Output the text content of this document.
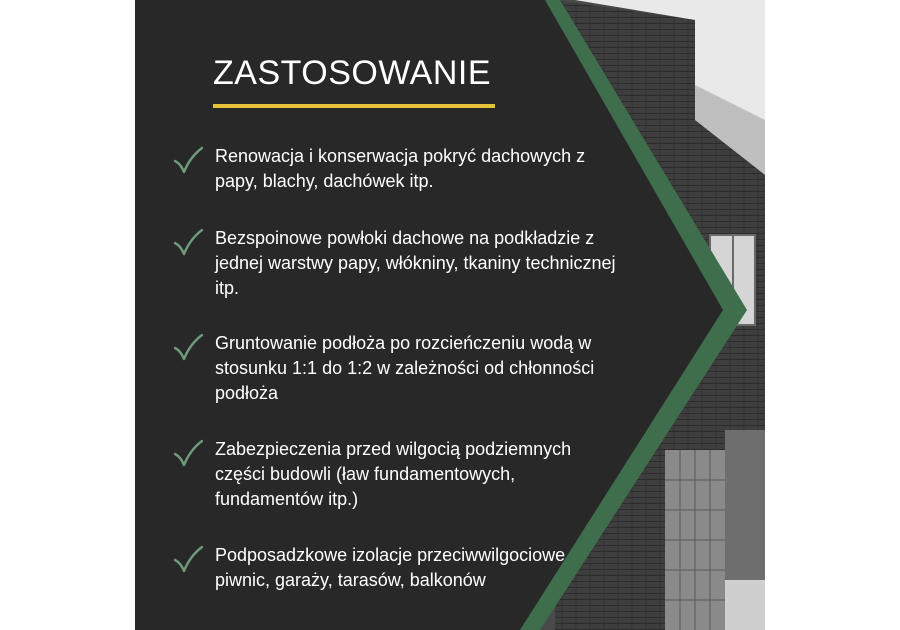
ZASTOSOWANIE
Renowacja i konserwacja pokryć dachowych z papy, blachy, dachówek itp.
Bezspoinowe powłoki dachowe na podkładzie z jednej warstwy papy, włókniny, tkaniny technicznej itp.
Gruntowanie podłoża po rozcieńczeniu wodą w stosunku 1:1 do 1:2 w zależności od chłonności podłoża
Zabezpieczenia przed wilgocią podziemnych części budowli (ław fundamentowych, fundamentów itp.)
Podposadzkowe izolacje przeciwwilgociowe piwnic, garaży, tarasów, balkonów
